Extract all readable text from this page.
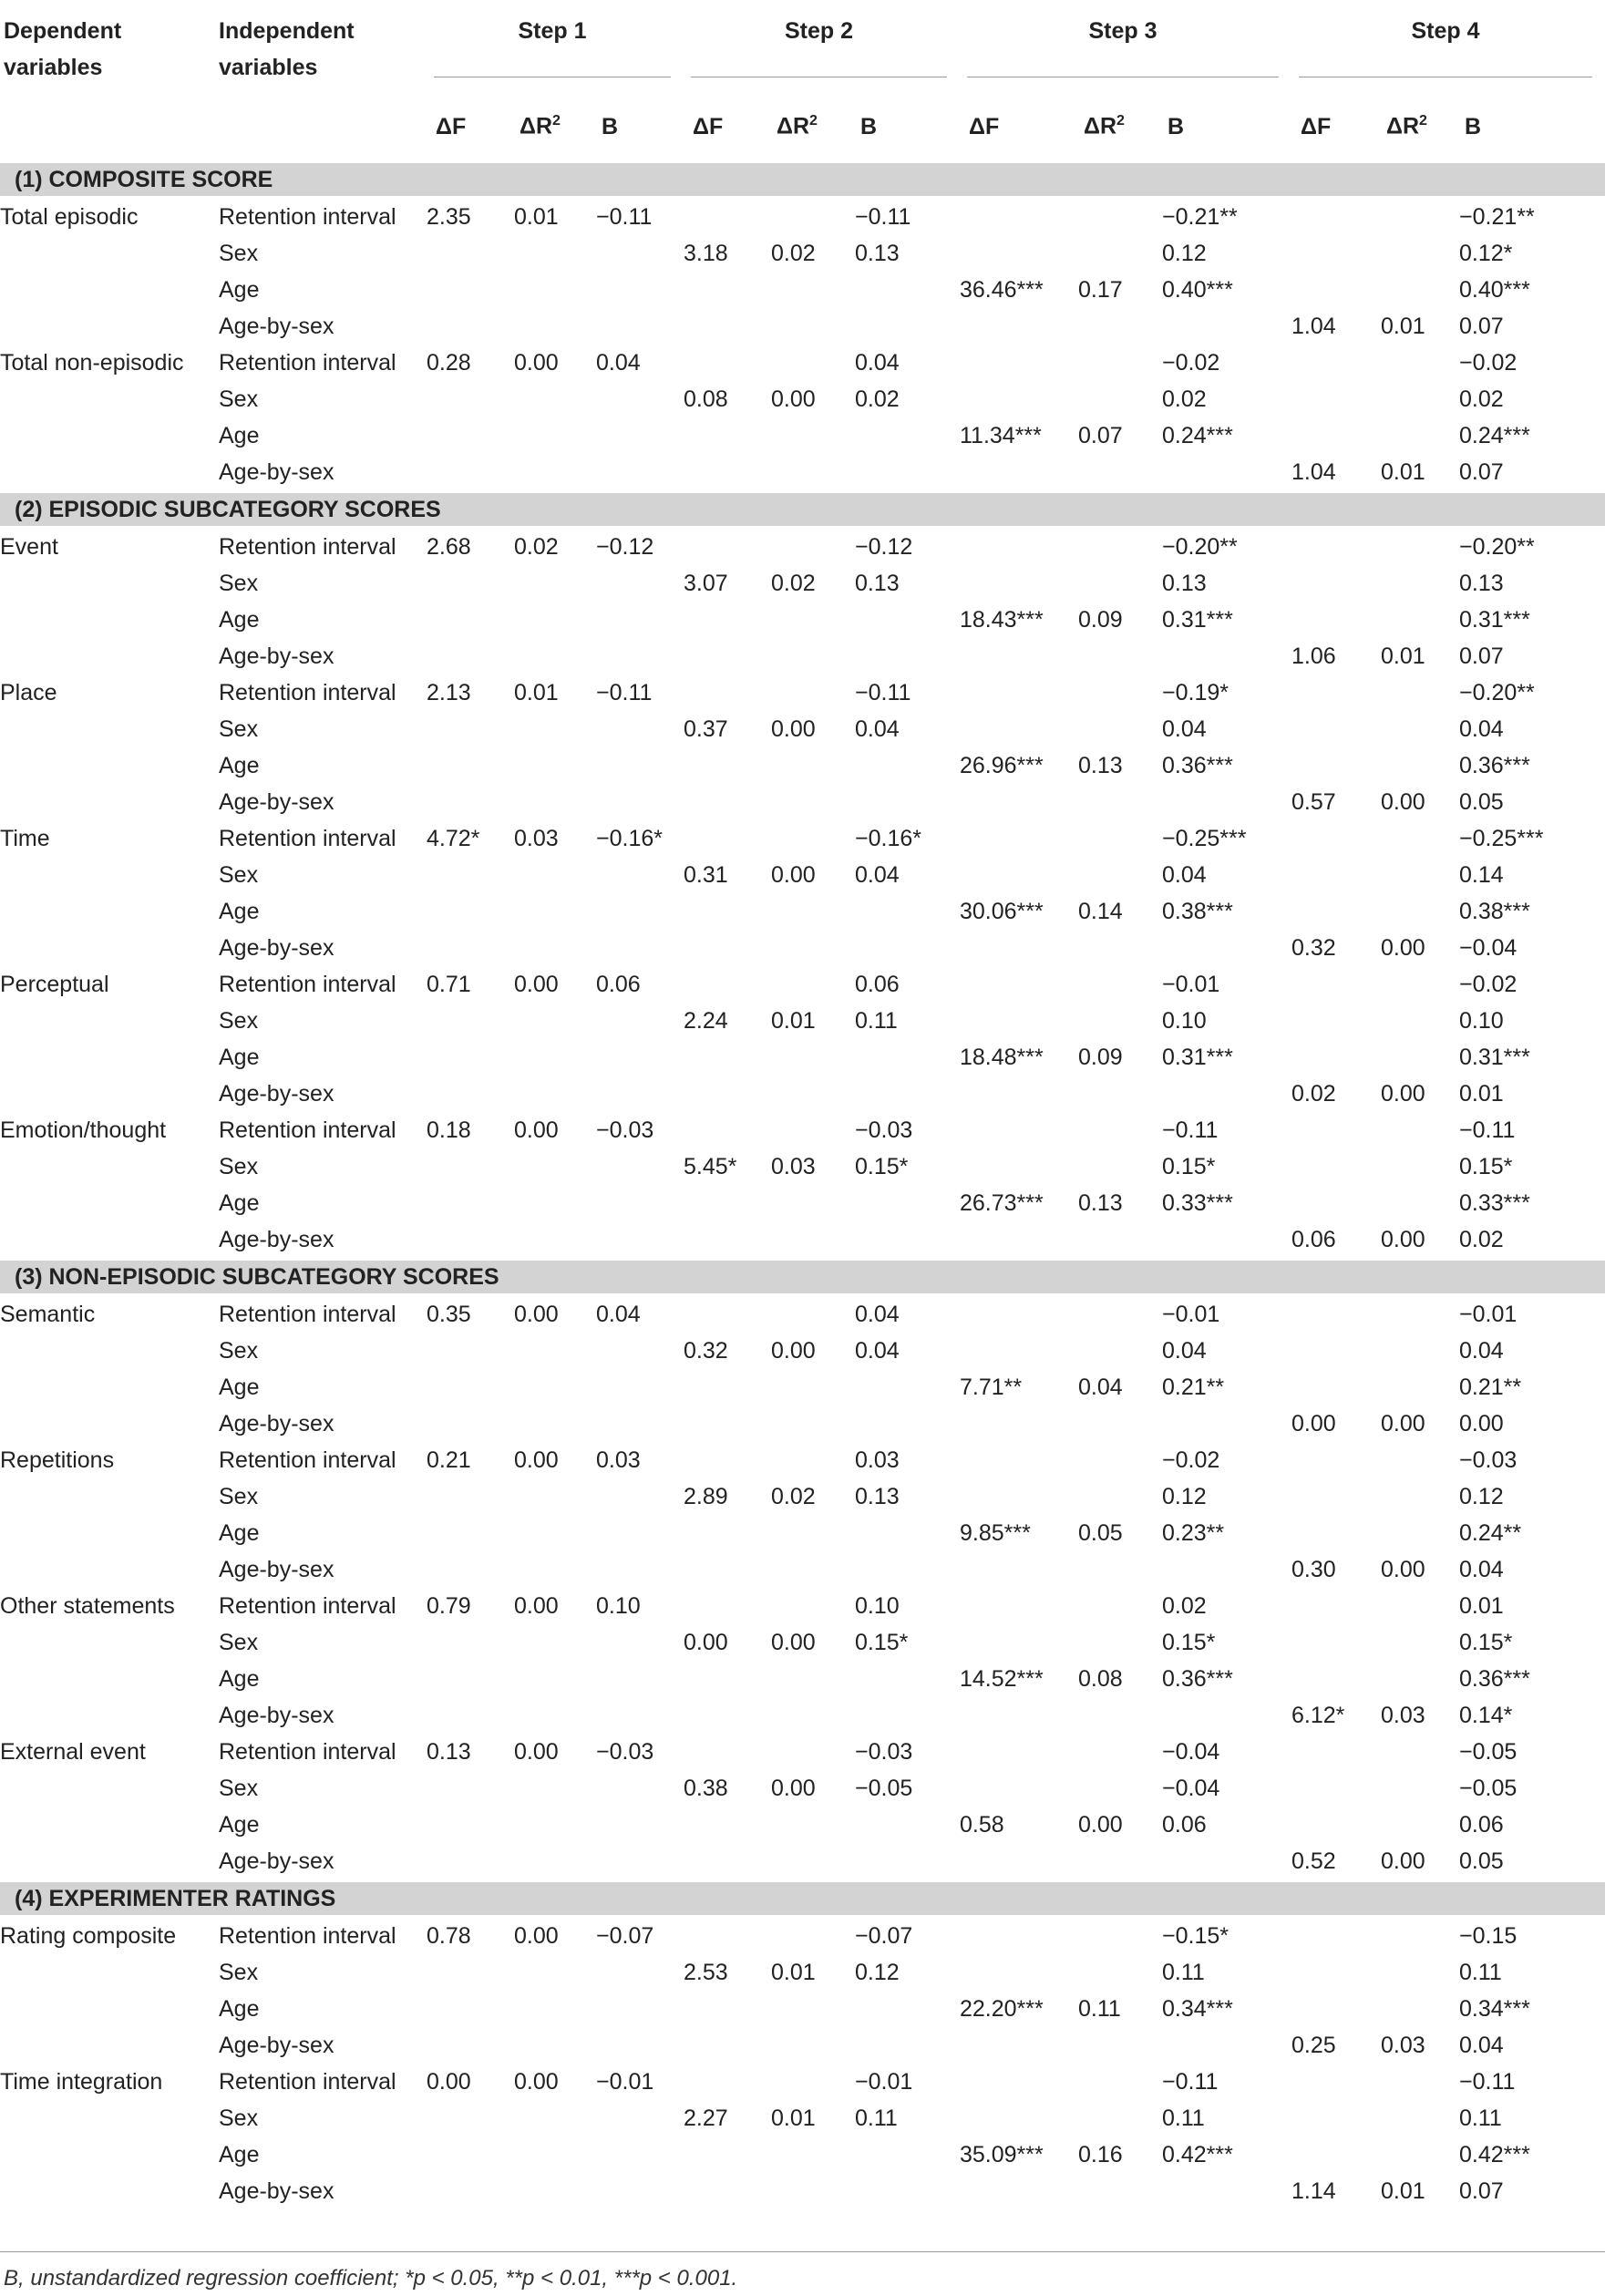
Dependent
variables	Independent
variables	Step 1			Step 2			Step 3			Step 4		

		ΔF	$\Delta R^2$	B	ΔF	$\Delta R^2$	B	ΔF	$\Delta R^2$	B	ΔF	$\Delta R^2$	B
(1) COMPOSITE SCORE													
Total episodic	Retention interval	2.35	0.01	−0.11			−0.11			−0.21**			−0.21**
	Sex				3.18	0.02	0.13			0.12			0.12*
	Age							36.46***	0.17	0.40***			0.40***
	Age-by-sex										1.04	0.01	0.07
Total non-episodic	Retention interval	0.28	0.00	0.04			0.04			−0.02			−0.02
	Sex				0.08	0.00	0.02			0.02			0.02
	Age							11.34***	0.07	0.24***			0.24***
	Age-by-sex										1.04	0.01	0.07
(2) EPISODIC SUBCATEGORY SCORES													
Event	Retention interval	2.68	0.02	−0.12			−0.12			−0.20**			−0.20**
	Sex				3.07	0.02	0.13			0.13			0.13
	Age							18.43***	0.09	0.31***			0.31***
	Age-by-sex										1.06	0.01	0.07
Place	Retention interval	2.13	0.01	−0.11			−0.11			−0.19*			−0.20**
	Sex				0.37	0.00	0.04			0.04			0.04
	Age							26.96***	0.13	0.36***			0.36***
	Age-by-sex										0.57	0.00	0.05
Time	Retention interval	4.72*	0.03	−0.16*			−0.16*			−0.25***			−0.25***
	Sex				0.31	0.00	0.04			0.04			0.14
	Age							30.06***	0.14	0.38***			0.38***
	Age-by-sex										0.32	0.00	−0.04
Perceptual	Retention interval	0.71	0.00	0.06			0.06			−0.01			−0.02
	Sex				2.24	0.01	0.11			0.10			0.10
	Age							18.48***	0.09	0.31***			0.31***
	Age-by-sex										0.02	0.00	0.01
Emotion/thought	Retention interval	0.18	0.00	−0.03			−0.03			−0.11			−0.11
	Sex				5.45*	0.03	0.15*			0.15*			0.15*
	Age							26.73***	0.13	0.33***			0.33***
	Age-by-sex										0.06	0.00	0.02
(3) NON-EPISODIC SUBCATEGORY SCORES													
Semantic	Retention interval	0.35	0.00	0.04			0.04			−0.01			−0.01
	Sex				0.32	0.00	0.04			0.04			0.04
	Age							7.71**	0.04	0.21**			0.21**
	Age-by-sex										0.00	0.00	0.00
Repetitions	Retention interval	0.21	0.00	0.03			0.03			−0.02			−0.03
	Sex				2.89	0.02	0.13			0.12			0.12
	Age							9.85***	0.05	0.23**			0.24**
	Age-by-sex										0.30	0.00	0.04
Other statements	Retention interval	0.79	0.00	0.10			0.10			0.02			0.01
	Sex				0.00	0.00	0.15*			0.15*			0.15*
	Age							14.52***	0.08	0.36***			0.36***
	Age-by-sex										6.12*	0.03	0.14*
External event	Retention interval	0.13	0.00	−0.03			−0.03			−0.04			−0.05
	Sex				0.38	0.00	−0.05			−0.04			−0.05
	Age							0.58	0.00	0.06			0.06
	Age-by-sex										0.52	0.00	0.05
(4) EXPERIMENTER RATINGS													
Rating composite	Retention interval	0.78	0.00	−0.07			−0.07			−0.15*			−0.15
	Sex				2.53	0.01	0.12			0.11			0.11
	Age							22.20***	0.11	0.34***			0.34***
	Age-by-sex										0.25	0.03	0.04
Time integration	Retention interval	0.00	0.00	−0.01			−0.01			−0.11			−0.11
	Sex				2.27	0.01	0.11			0.11			0.11
	Age							35.09***	0.16	0.42***			0.42***
	Age-by-sex										1.14	0.01	0.07
B, unstandardized regression coefficient; *p < 0.05, **p < 0.01, ***p < 0.001.
